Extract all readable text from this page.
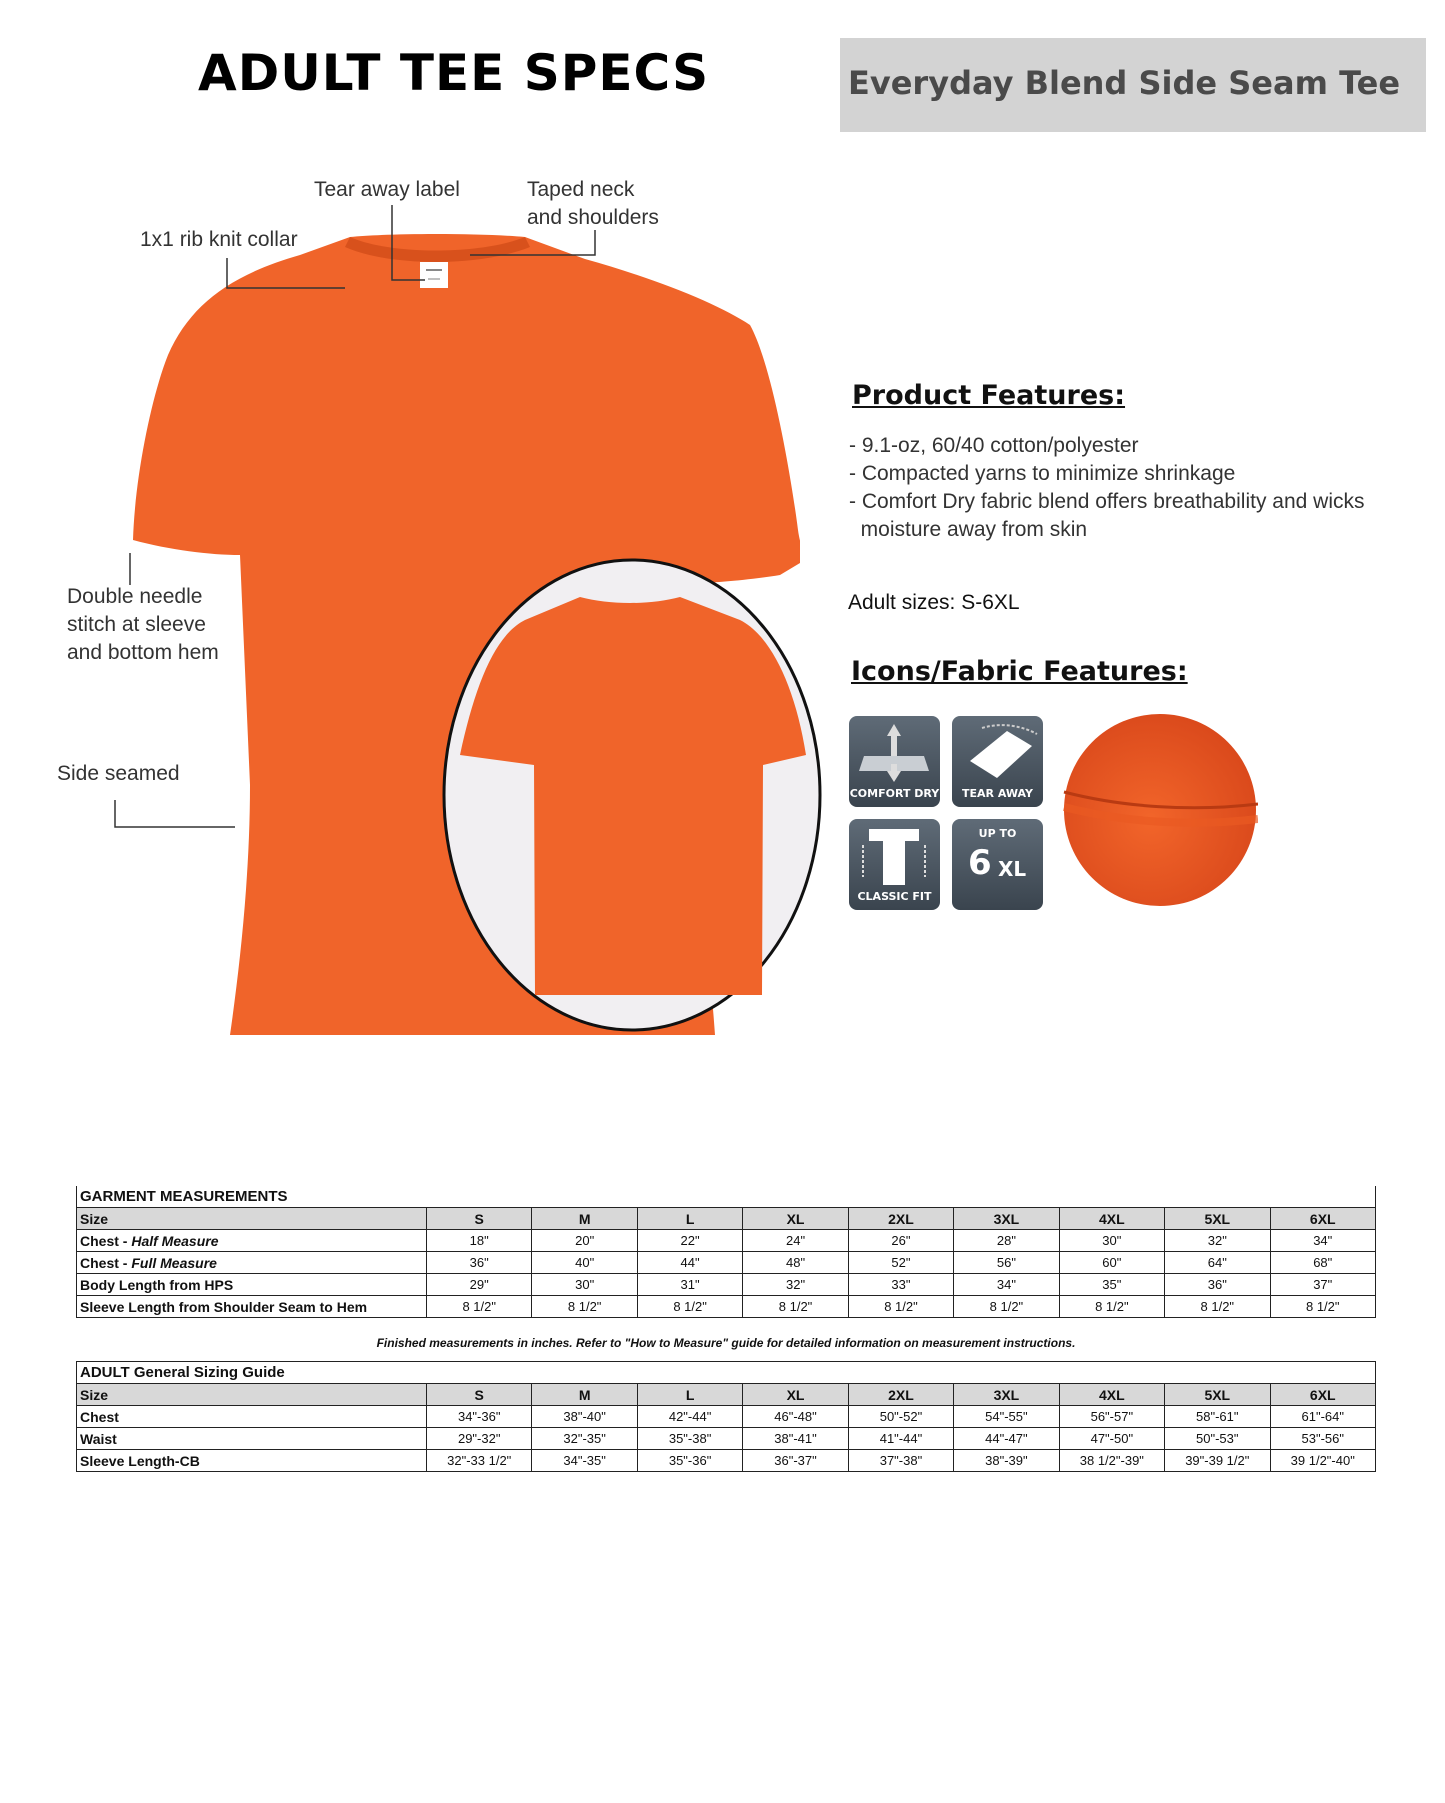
ADULT TEE SPECS	Everyday Blend Side Seam Tee
Tear away label	Taped neck
and shoulders
1x1 rib knit collar
Double needle
stitch at sleeve
and bottom hem
Side seamed
Product Features:
- 9.1-oz, 60/40 cotton/polyester
- Compacted yarns to minimize shrinkage
- Comfort Dry fabric blend offers breathability and wicks
moisture away from skin
Adult sizes: S-6XL
Icons/Fabric Features:
COMFORT DRY	TEAR AWAY
CLASSIC FIT
UP TO
6 XL
GARMENT MEASUREMENTS									
Size	S	M	L	XL	2XL	3XL	4XL	5XL	6XL
Chest - Half Measure	18"	20"	22"	24"	26"	28"	30"	32"	34"
Chest - Full Measure	36"	40"	44"	48"	52"	56"	60"	64"	68"
Body Length from HPS	29"	30"	31"	32"	33"	34"	35"	36"	37"
Sleeve Length from Shoulder Seam to Hem	8 1/2"	8 1/2"	8 1/2"	8 1/2"	8 1/2"	8 1/2"	8 1/2"	8 1/2"	8 1/2"
Finished measurements in inches. Refer to "How to Measure" guide for detailed information on measurement instructions.
ADULT General Sizing Guide									
Size	S	M	L	XL	2XL	3XL	4XL	5XL	6XL
Chest	34"-36"	38"-40"	42"-44"	46"-48"	50"-52"	54"-55"	56"-57"	58"-61"	61"-64"
Waist	29"-32"	32"-35"	35"-38"	38"-41"	41"-44"	44"-47"	47"-50"	50"-53"	53"-56"
Sleeve Length-CB	32"-33 1/2"	34"-35"	35"-36"	36"-37"	37"-38"	38"-39"	38 1/2"-39"	39"-39 1/2"	39 1/2"-40"
